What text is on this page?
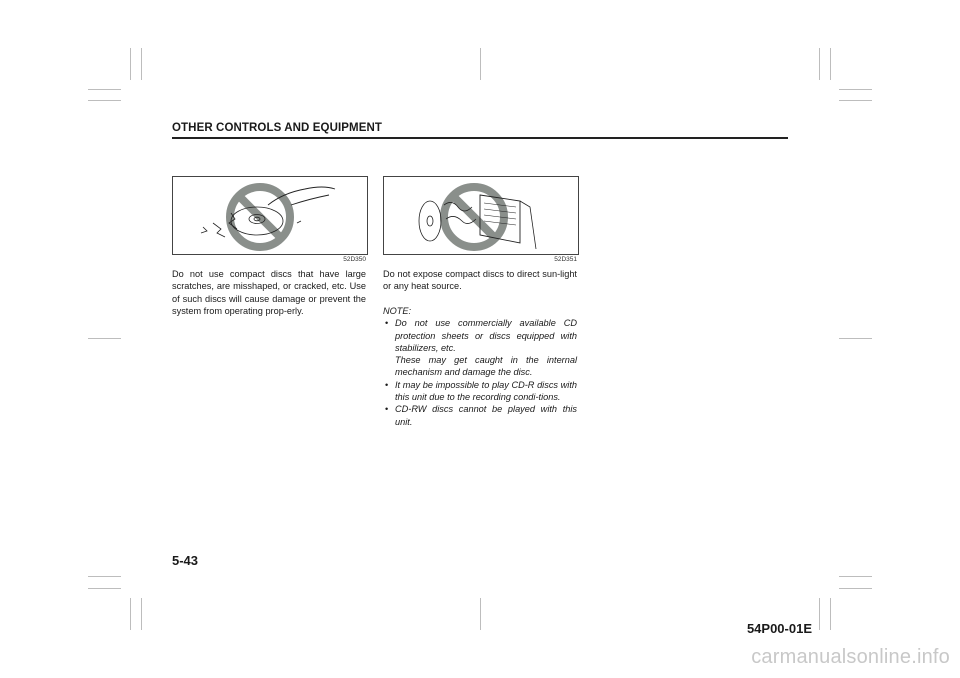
OTHER CONTROLS AND EQUIPMENT
52D350	52D351

Do not use compact discs that have large scratches, are misshaped, or cracked, etc. Use of such discs will cause damage or prevent the system from operating prop-erly.

Do not expose compact discs to direct sun-light or any heat source.

NOTE:
• Do not use commercially available CD protection sheets or discs equipped with stabilizers, etc.
These may get caught in the internal mechanism and damage the disc.
• It may be impossible to play CD-R discs with this unit due to the recording condi-tions.
• CD-RW discs cannot be played with this unit.
5-43
54P00-01E
carmanualsonline.info
